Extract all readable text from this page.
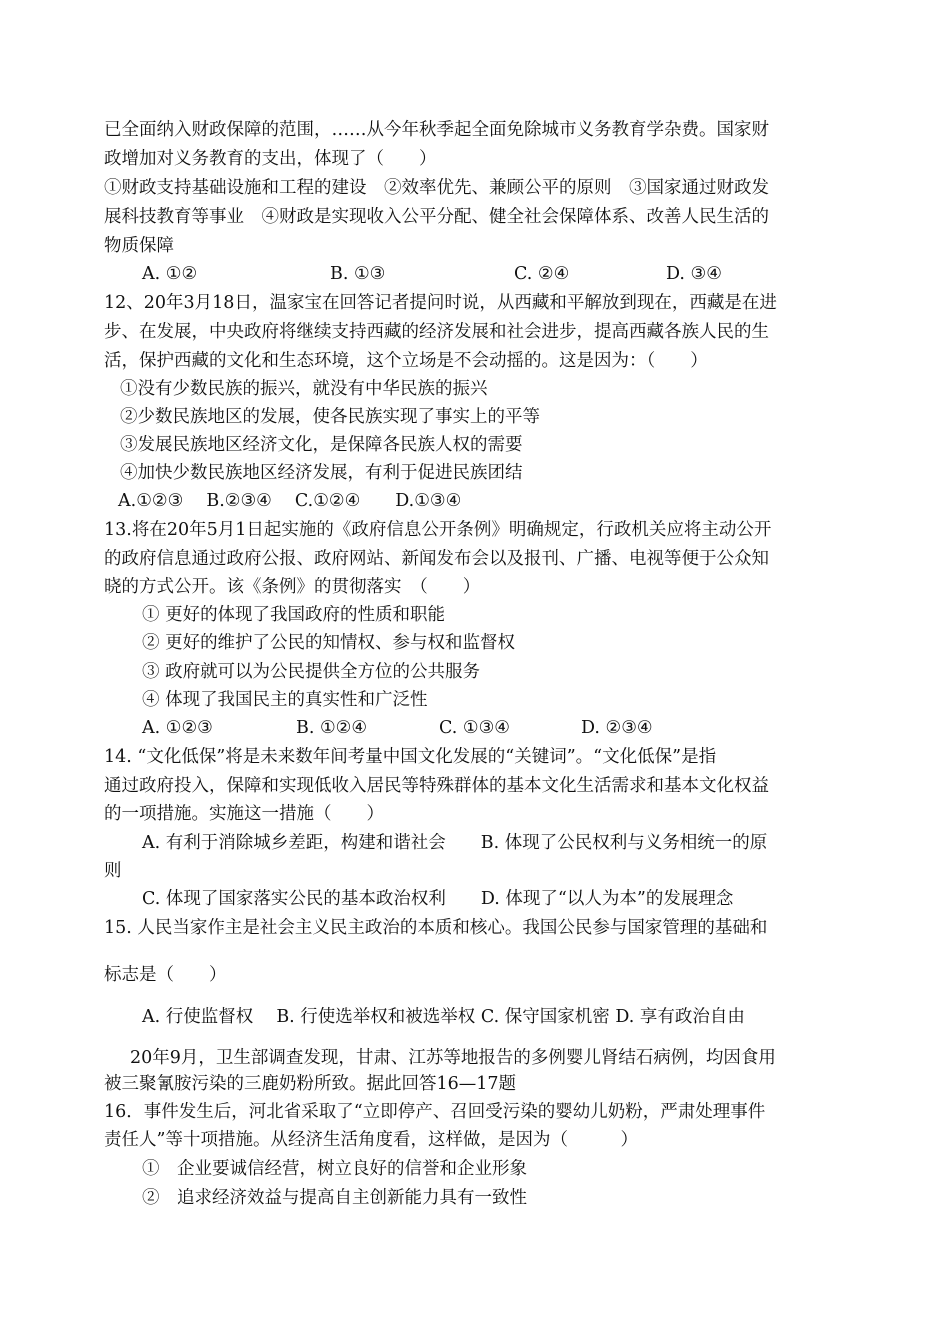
已全面纳入财政保障的范围，……从今年秋季起全面免除城市义务教育学杂费。国家财
政增加对义务教育的支出，体现了（　　）
①财政支持基础设施和工程的建设　②效率优先、兼顾公平的原则　③国家通过财政发
展科技教育等事业　④财政是实现收入公平分配、健全社会保障体系、改善人民生活的
物质保障

A. ①②

	B. ①③

	C. ②④

	D. ③④

12、20年3月18日，温家宝在回答记者提问时说，从西藏和平解放到现在，西藏是在进
步、在发展，中央政府将继续支持西藏的经济发展和社会进步，提高西藏各族人民的生
活，保护西藏的文化和生态环境，这个立场是不会动摇的。这是因为：（　　）
①没有少数民族的振兴，就没有中华民族的振兴
②少数民族地区的发展，使各民族实现了事实上的平等
③发展民族地区经济文化，是保障各民族人权的需要
④加快少数民族地区经济发展，有利于促进民族团结
A.①②③　 B.②③④　 C.①②④　　D.①③④
13.将在20年5月1日起实施的《政府信息公开条例》明确规定，行政机关应将主动公开
的政府信息通过政府公报、政府网站、新闻发布会以及报刊、广播、电视等便于公众知
晓的方式公开。该《条例》的贯彻落实　（　　）
① 更好的体现了我国政府的性质和职能
② 更好的维护了公民的知情权、参与权和监督权
③ 政府就可以为公民提供全方位的公共服务
④ 体现了我国民主的真实性和广泛性

A. ①②③

	B. ①②④

	C. ①③④

	D. ②③④

14. “文化低保”将是未来数年间考量中国文化发展的“关键词”。“文化低保”是指
通过政府投入，保障和实现低收入居民等特殊群体的基本文化生活需求和基本文化权益
的一项措施。实施这一措施（　　）
A. 有利于消除城乡差距，构建和谐社会　　B. 体现了公民权利与义务相统一的原
则
C. 体现了国家落实公民的基本政治权利　　D. 体现了“以人为本”的发展理念
15. 人民当家作主是社会主义民主政治的本质和核心。我国公民参与国家管理的基础和
标志是（　　）
A. 行使监督权　 B. 行使选举权和被选举权 C. 保守国家机密 D. 享有政治自由
20年9月，卫生部调查发现，甘肃、江苏等地报告的多例婴儿肾结石病例，均因食用
被三聚氰胺污染的三鹿奶粉所致。据此回答16—17题
16．事件发生后，河北省采取了“立即停产、召回受污染的婴幼儿奶粉，严肃处理事件
责任人”等十项措施。从经济生活角度看，这样做，是因为（　　　）
①　企业要诚信经营，树立良好的信誉和企业形象
②　追求经济效益与提高自主创新能力具有一致性
